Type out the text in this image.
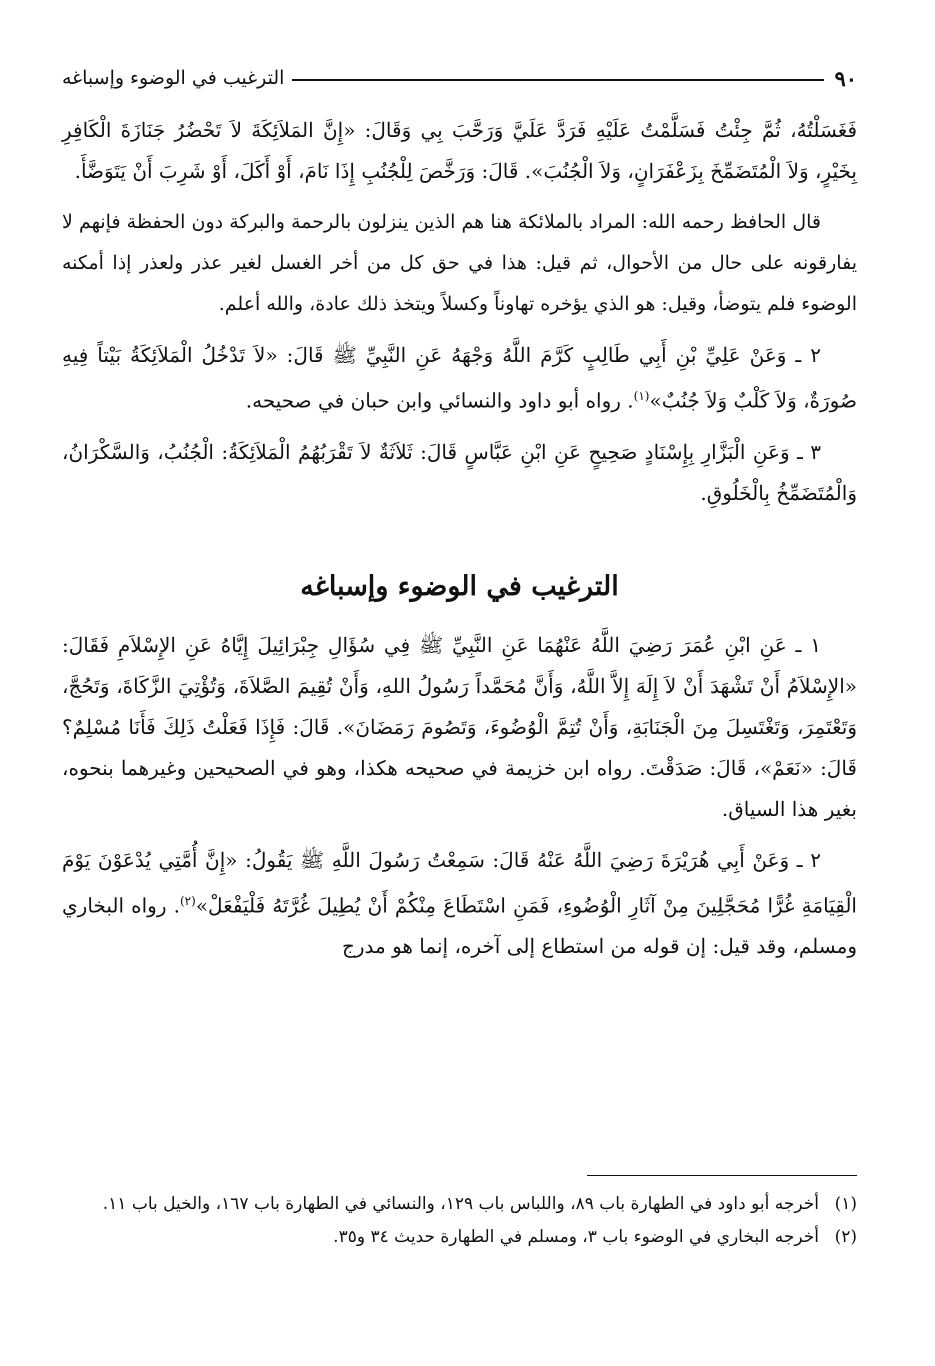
٩٠
الترغيب في الوضوء وإسباغه

فَغَسَلْتُهُ، ثُمَّ جِئْتُ فَسَلَّمْتُ عَلَيْهِ فَرَدَّ عَلَيَّ وَرَحَّبَ بِي وَقَالَ: «إِنَّ المَلاَئِكَةَ لاَ تَحْضُرُ جَنَازَةَ الْكَافِرِ بِخَيْرٍ، وَلاَ الْمُتَضَمِّخَ بِزَعْفَرَانٍ، وَلاَ الْجُنُبَ». قَالَ: وَرَخَّصَ لِلْجُنُبِ إِذَا نَامَ، أَوْ أَكَلَ، أَوْ شَرِبَ أَنْ يَتَوَضَّأَ.

قال الحافظ رحمه الله: المراد بالملائكة هنا هم الذين ينزلون بالرحمة والبركة دون الحفظة فإنهم لا يفارقونه على حال من الأحوال، ثم قيل: هذا في حق كل من أخر الغسل لغير عذر ولعذر إذا أمكنه الوضوء فلم يتوضأ، وقيل: هو الذي يؤخره تهاوناً وكسلاً ويتخذ ذلك عادة، والله أعلم.

٢ ـ وَعَنْ عَلِيِّ بْنِ أَبِي طَالِبٍ كَرَّمَ اللَّهُ وَجْهَهُ عَنِ النَّبِيِّ ﷺ قَالَ: «لاَ تَدْخُلُ الْمَلاَئِكَةُ بَيْتاً فِيهِ صُورَةٌ، وَلاَ كَلْبٌ وَلاَ جُنُبٌ»$^{(١)}$. رواه أبو داود والنسائي وابن حبان في صحيحه.

٣ ـ وَعَنِ الْبَزَّارِ بِإِسْنَادٍ صَحِيحٍ عَنِ ابْنِ عَبَّاسٍ قَالَ: ثَلاَثَةٌ لاَ تَقْرَبُهُمُ الْمَلاَئِكَةُ: الْجُنُبُ، وَالسَّكْرَانُ، وَالْمُتَضَمِّخُ بِالْخَلُوقِ.

الترغيب في الوضوء وإسباغه

١ ـ عَنِ ابْنِ عُمَرَ رَضِيَ اللَّهُ عَنْهُمَا عَنِ النَّبِيِّ ﷺ فِي سُؤَالِ جِبْرَائِيلَ إِيَّاهُ عَنِ الإِسْلاَمِ فَقَالَ: «الإِسْلاَمُ أَنْ تَشْهَدَ أَنْ لاَ إِلَهَ إِلاَّ اللَّهُ، وَأَنَّ مُحَمَّداً رَسُولُ اللهِ، وَأَنْ تُقِيمَ الصَّلاَةَ، وَتُؤْتِيَ الزَّكَاةَ، وَتَحُجَّ، وَتَعْتَمِرَ، وَتَغْتَسِلَ مِنَ الْجَنَابَةِ، وَأَنْ تُتِمَّ الْوُضُوءَ، وَتَصُومَ رَمَضَانَ». قَالَ: فَإِذَا فَعَلْتُ ذَلِكَ فَأَنَا مُسْلِمٌ؟ قَالَ: «نَعَمْ»، قَالَ: صَدَقْتَ. رواه ابن خزيمة في صحيحه هكذا، وهو في الصحيحين وغيرهما بنحوه، بغير هذا السياق.

٢ ـ وَعَنْ أَبِي هُرَيْرَةَ رَضِيَ اللَّهُ عَنْهُ قَالَ: سَمِعْتُ رَسُولَ اللَّهِ ﷺ يَقُولُ: «إِنَّ أُمَّتِي يُدْعَوْنَ يَوْمَ الْقِيَامَةِ غُرًّا مُحَجَّلِينَ مِنْ آثَارِ الْوُضُوءِ، فَمَنِ اسْتَطَاعَ مِنْكُمْ أَنْ يُطِيلَ غُرَّتَهُ فَلْيَفْعَلْ»$^{(٢)}$. رواه البخاري ومسلم، وقد قيل: إن قوله من استطاع إلى آخره، إنما هو مدرج

(١)
أخرجه أبو داود في الطهارة باب ٨٩، واللباس باب ١٢٩، والنسائي في الطهارة باب ١٦٧، والخيل باب ١١.
(٢)
أخرجه البخاري في الوضوء باب ٣، ومسلم في الطهارة حديث ٣٤ و٣٥.
